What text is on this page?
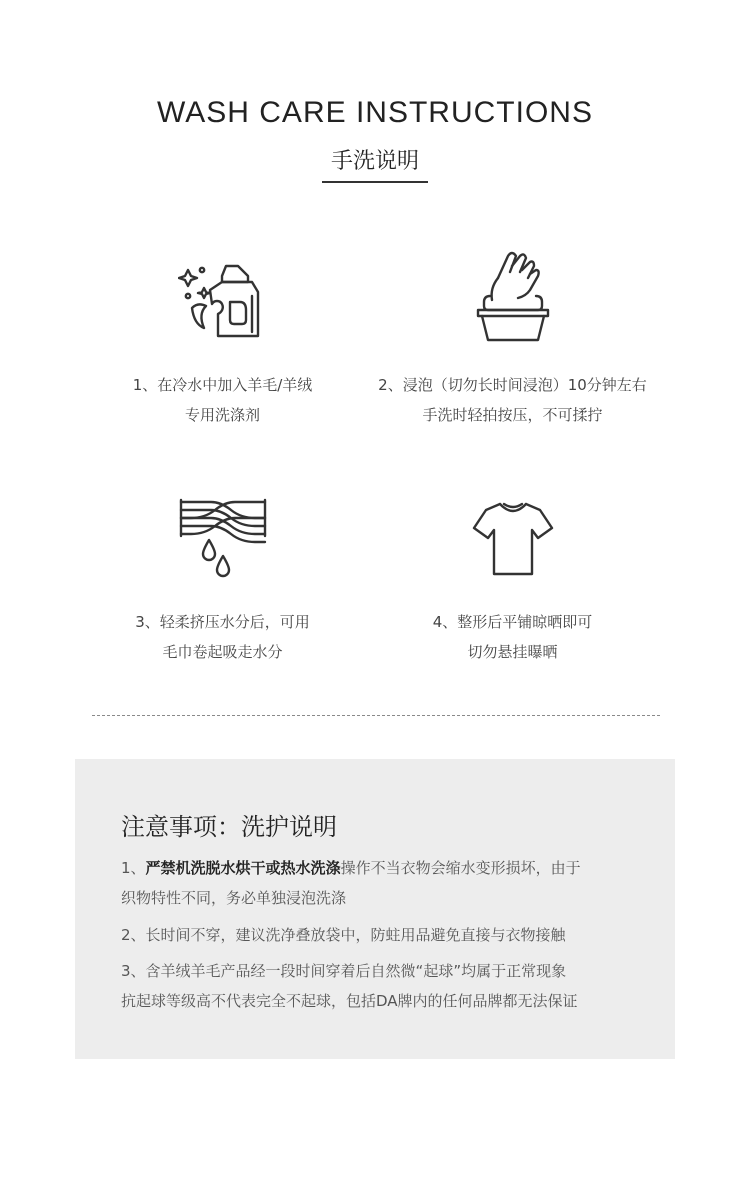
WASH CARE INSTRUCTIONS
手洗说明
1、在冷水中加入羊毛/羊绒
专用洗涤剂
2、浸泡（切勿长时间浸泡）10分钟左右
手洗时轻拍按压，不可揉拧
3、轻柔挤压水分后，可用
毛巾卷起吸走水分
4、整形后平铺晾晒即可
切勿悬挂曝晒
注意事项：洗护说明
1、严禁机洗脱水烘干或热水洗涤操作不当衣物会缩水变形损坏，由于
织物特性不同，务必单独浸泡洗涤
2、长时间不穿，建议洗净叠放袋中，防蛀用品避免直接与衣物接触
3、含羊绒羊毛产品经一段时间穿着后自然微“起球”均属于正常现象
抗起球等级高不代表完全不起球，包括DA牌内的任何品牌都无法保证
